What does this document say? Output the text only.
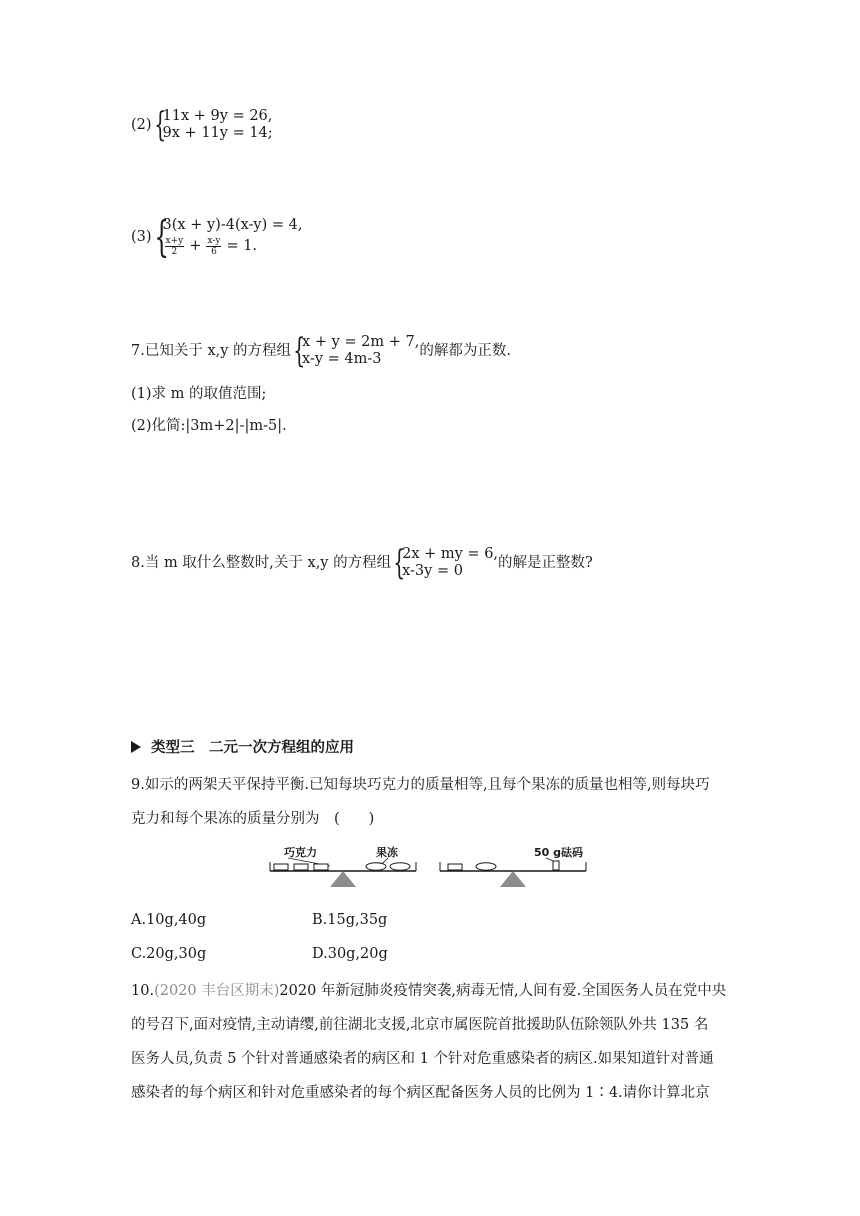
(2) {
11x + 9y = 26,
9x + 11y = 14;
(3) {
3(x + y)-4(x-y) = 4,
$\frac{x+y}{2} + \frac{x-y}{6} = 1$.
7.已知关于 x,y 的方程组 {
x + y = 2m + 7,
x-y = 4m-3	的解都为正数.
(1)求 m 的取值范围;
(2)化简:|3m+2|-|m-5|.
8.当 m 取什么整数时,关于 x,y 的方程组 {
2x + my = 6,
x-3y = 0	的解是正整数?
类型三　二元一次方程组的应用
9.如示的两架天平保持平衡.已知每块巧克力的质量相等,且每个果冻的质量也相等,则每块巧
克力和每个果冻的质量分别为　(　　)
巧克力	果冻	50 g砝码
A.10g,40g	B.15g,35g
C.20g,30g	D.30g,20g
10.(2020 丰台区期末)2020 年新冠肺炎疫情突袭,病毒无情,人间有爱.全国医务人员在党中央
的号召下,面对疫情,主动请缨,前往湖北支援,北京市属医院首批援助队伍除领队外共 135 名
医务人员,负责 5 个针对普通感染者的病区和 1 个针对危重感染者的病区.如果知道针对普通
感染者的每个病区和针对危重感染者的每个病区配备医务人员的比例为 1∶4.请你计算北京
